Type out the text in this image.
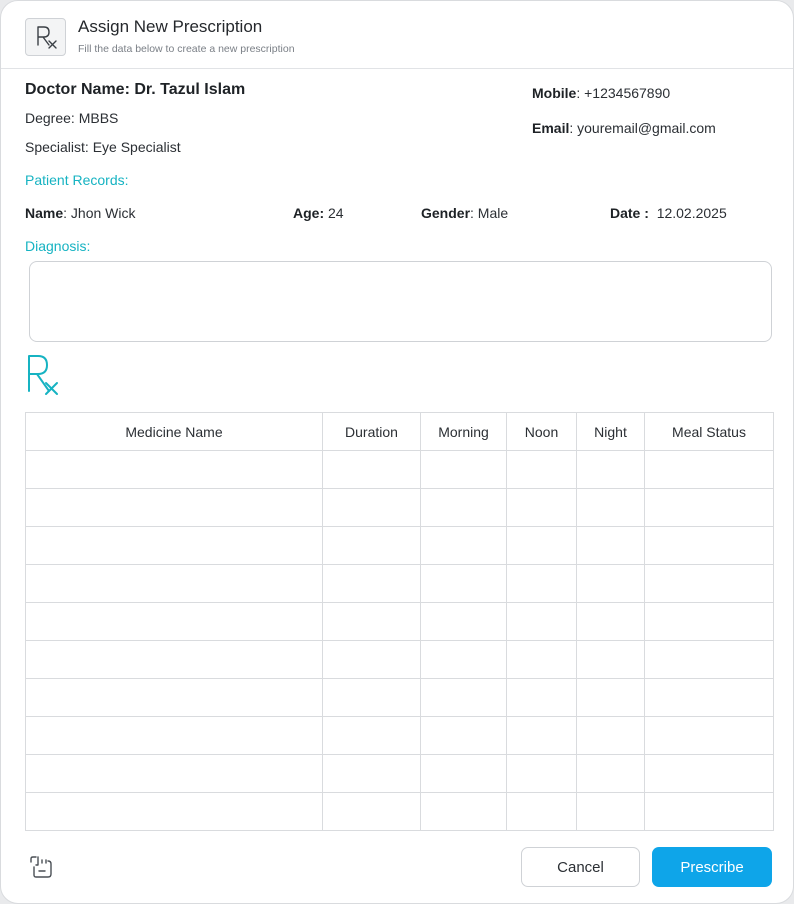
Assign New Prescription
Fill the data below to create a new prescription
Doctor Name: Dr. Tazul Islam
Degree: MBBS
Specialist: Eye Specialist
Mobile: +1234567890
Email: youremail@gmail.com
Patient Records:
Name: Jhon Wick	Age: 24	Gender: Male	Date : 12.02.2025
Diagnosis:
Medicine Name	Duration	Morning	Noon	Night	Meal Status

Cancel	Prescribe
